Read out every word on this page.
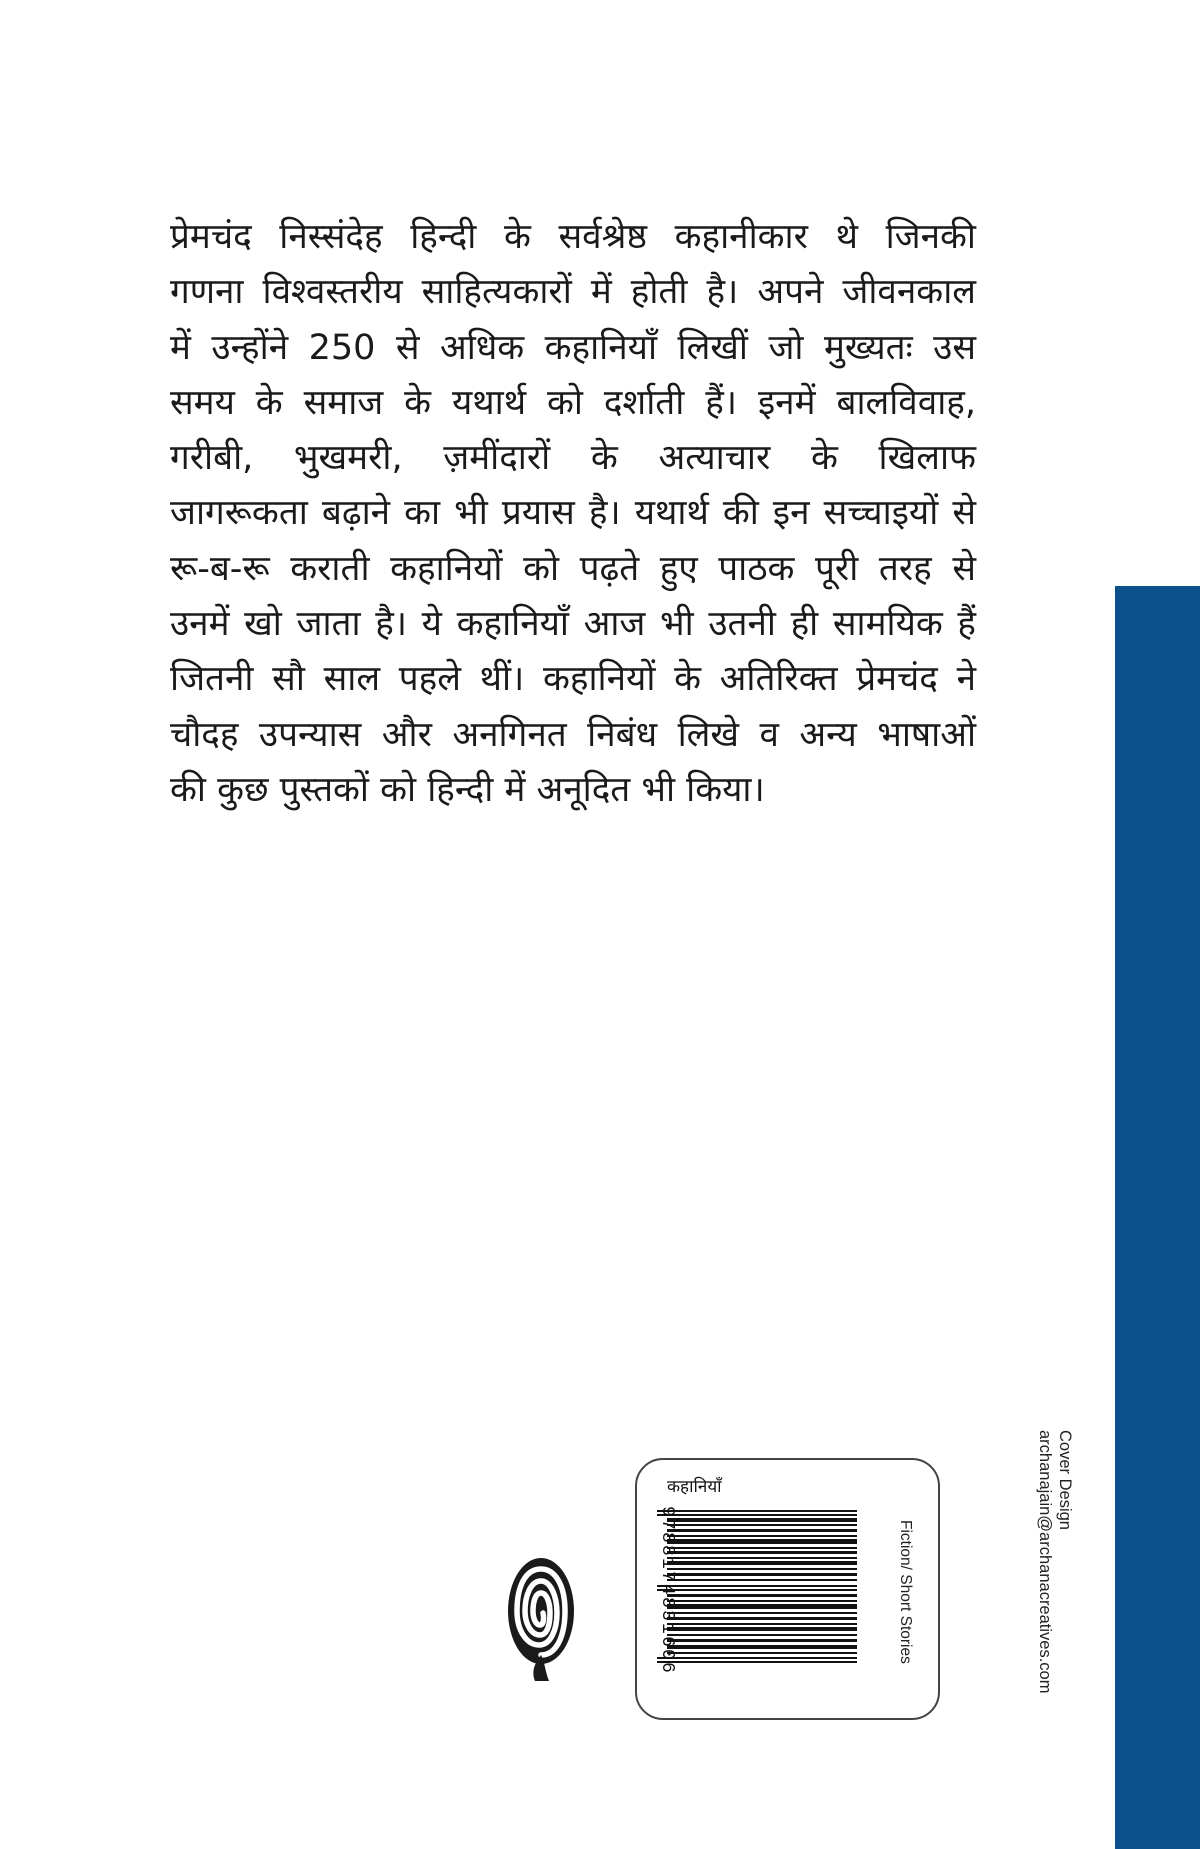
प्रेमचंद निस्संदेह हिन्दी के सर्वश्रेष्ठ कहानीकार थे जिनकी
गणना विश्वस्तरीय साहित्यकारों में होती है। अपने जीवनकाल
में उन्होंने 250 से अधिक कहानियाँ लिखीं जो मुख्यतः उस
समय के समाज के यथार्थ को दर्शाती हैं। इनमें बालविवाह,
गरीबी, भुखमरी, ज़मींदारों के अत्याचार के खिलाफ
जागरूकता बढ़ाने का भी प्रयास है। यथार्थ की इन सच्चाइयों से
रू-ब-रू कराती कहानियों को पढ़ते हुए पाठक पूरी तरह से
उनमें खो जाता है। ये कहानियाँ आज भी उतनी ही सामयिक हैं
जितनी सौ साल पहले थीं। कहानियों के अतिरिक्त प्रेमचंद ने
चौदह उपन्यास और अनगिनत निबंध लिखे व अन्य भाषाओं
की कुछ पुस्तकों को हिन्दी में अनूदित भी किया।
Cover Design
archanajain@archanacreatives.com
कहानियाँ
9788174831606	Fiction/ Short Stories
